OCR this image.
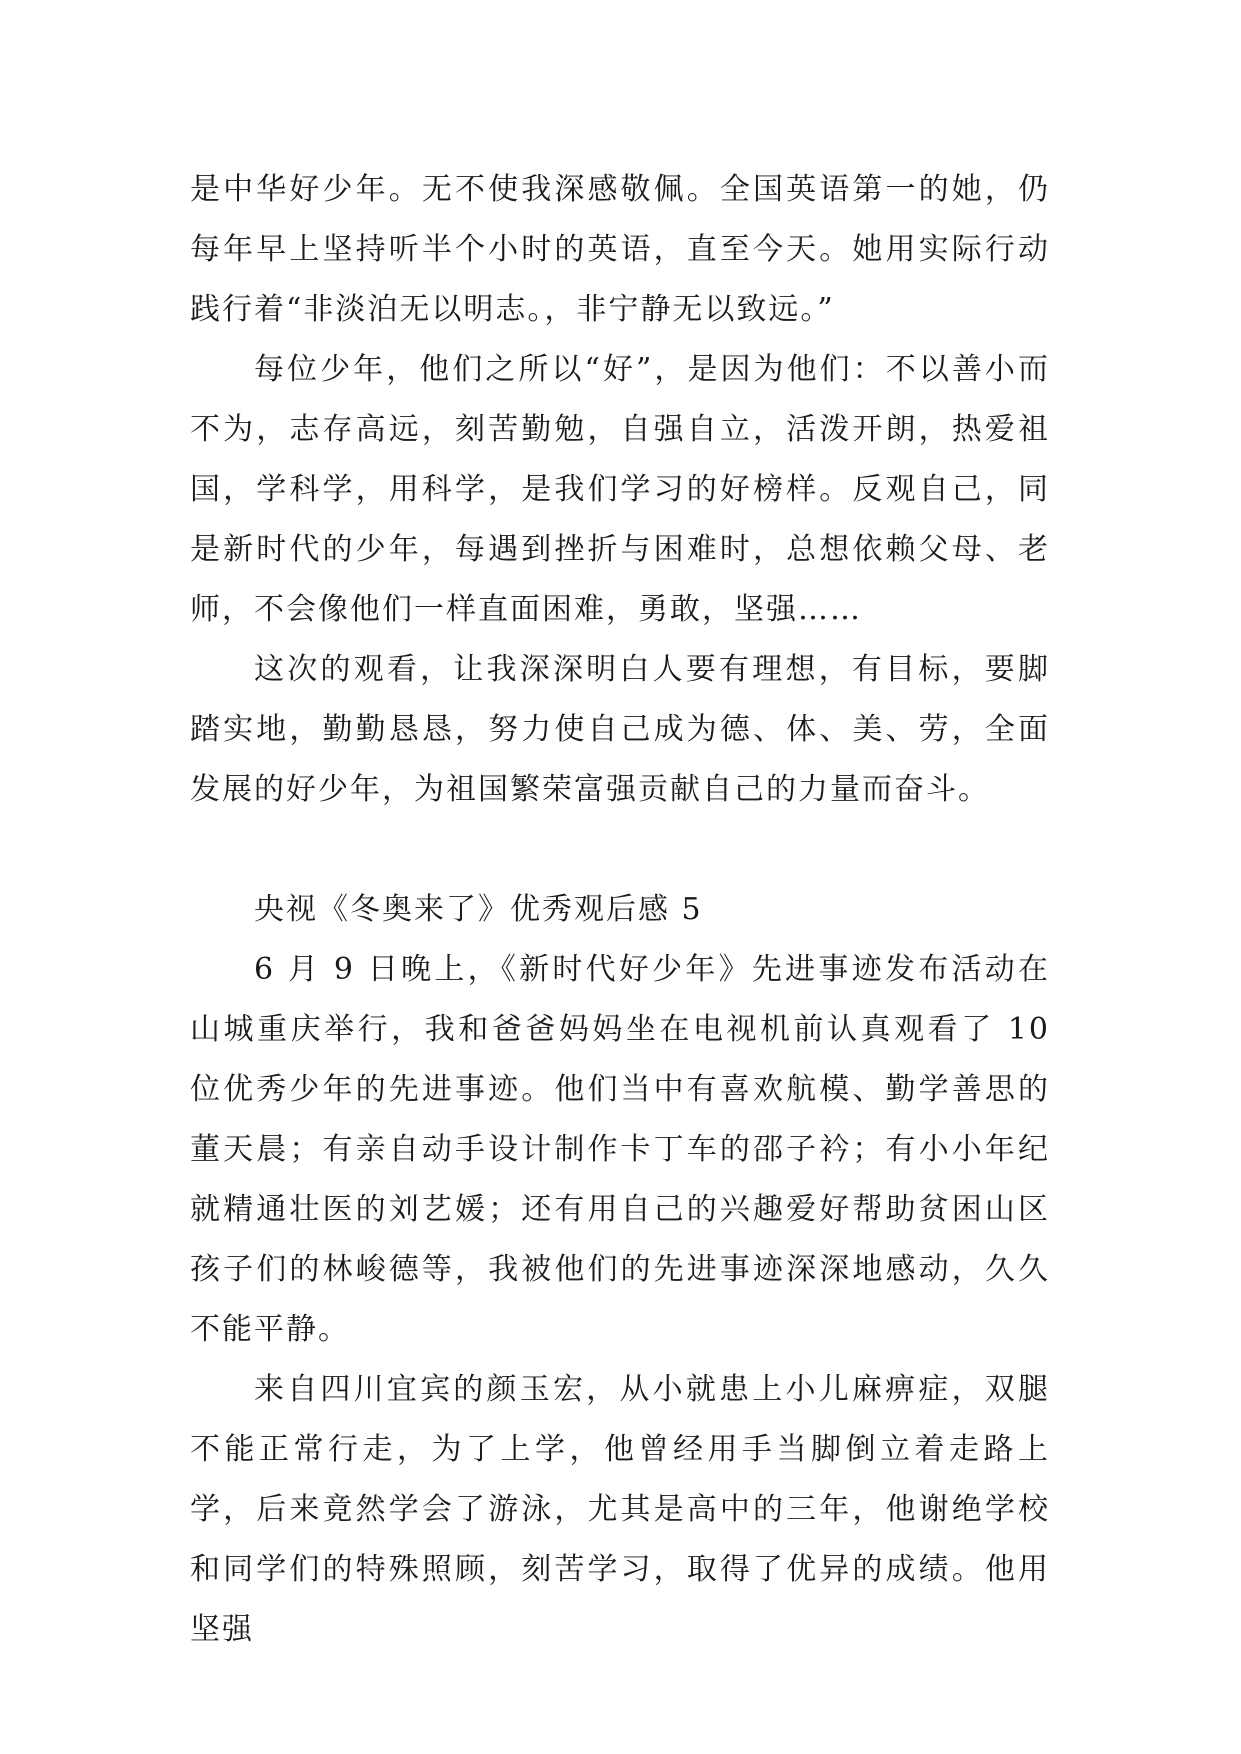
是中华好少年。无不使我深感敬佩。全国英语第一的她，仍每年早上坚持听半个小时的英语，直至今天。她用实际行动践行着“非淡泊无以明志。，非宁静无以致远。”

每位少年，他们之所以“好”，是因为他们：不以善小而不为，志存高远，刻苦勤勉，自强自立，活泼开朗，热爱祖国，学科学，用科学，是我们学习的好榜样。反观自己，同是新时代的少年，每遇到挫折与困难时，总想依赖父母、老师，不会像他们一样直面困难，勇敢，坚强……

这次的观看，让我深深明白人要有理想，有目标，要脚踏实地，勤勤恳恳，努力使自己成为德、体、美、劳，全面发展的好少年，为祖国繁荣富强贡献自己的力量而奋斗。

央视《冬奥来了》优秀观后感 5

6 月 9 日晚上，《新时代好少年》先进事迹发布活动在山城重庆举行，我和爸爸妈妈坐在电视机前认真观看了 10 位优秀少年的先进事迹。他们当中有喜欢航模、勤学善思的董天晨；有亲自动手设计制作卡丁车的邵子衿；有小小年纪就精通壮医的刘艺媛；还有用自己的兴趣爱好帮助贫困山区孩子们的林峻德等，我被他们的先进事迹深深地感动，久久不能平静。

来自四川宜宾的颜玉宏，从小就患上小儿麻痹症，双腿不能正常行走，为了上学，他曾经用手当脚倒立着走路上学，后来竟然学会了游泳，尤其是高中的三年，他谢绝学校和同学们的特殊照顾，刻苦学习，取得了优异的成绩。他用坚强
